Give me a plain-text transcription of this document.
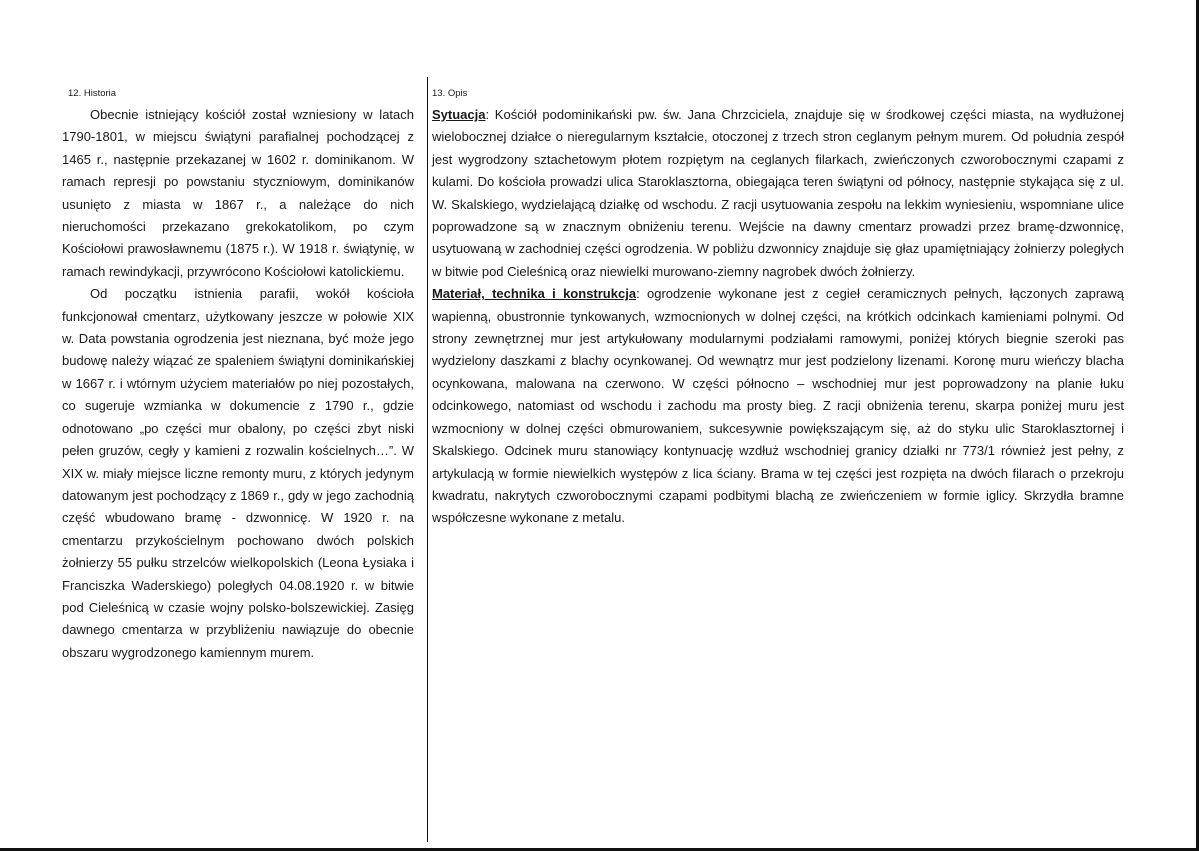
12. Historia

Obecnie istniejący kościół został wzniesiony w latach 1790-1801, w miejscu świątyni parafialnej pochodzącej z 1465 r., następnie przekazanej w 1602 r. dominikanom. W ramach represji po powstaniu styczniowym, dominikanów usunięto z miasta w 1867 r., a należące do nich nieruchomości przekazano grekokatolikom, po czym Kościołowi prawosławnemu (1875 r.). W 1918 r. świątynię, w ramach rewindykacji, przywrócono Kościołowi katolickiemu.

Od początku istnienia parafii, wokół kościoła funkcjonował cmentarz, użytkowany jeszcze w połowie XIX w. Data powstania ogrodzenia jest nieznana, być może jego budowę należy wiązać ze spaleniem świątyni dominikańskiej w 1667 r. i wtórnym użyciem materiałów po niej pozostałych, co sugeruje wzmianka w dokumencie z 1790 r., gdzie odnotowano „po części mur obalony, po części zbyt niski pełen gruzów, cegły y kamieni z rozwalin kościelnych…”. W XIX w. miały miejsce liczne remonty muru, z których jedynym datowanym jest pochodzący z 1869 r., gdy w jego zachodnią część wbudowano bramę - dzwonnicę. W 1920 r. na cmentarzu przykościelnym pochowano dwóch polskich żołnierzy 55 pułku strzelców wielkopolskich (Leona Łysiaka i Franciszka Waderskiego) poległych 04.08.1920 r. w bitwie pod Cieleśnicą w czasie wojny polsko-bolszewickiej. Zasięg dawnego cmentarza w przybliżeniu nawiązuje do obecnie obszaru wygrodzonego kamiennym murem.

13. Opis

Sytuacja: Kościół podominikański pw. św. Jana Chrzciciela, znajduje się w środkowej części miasta, na wydłużonej wielobocznej działce o nieregularnym kształcie, otoczonej z trzech stron ceglanym pełnym murem. Od południa zespół jest wygrodzony sztachetowym płotem rozpiętym na ceglanych filarkach, zwieńczonych czworobocznymi czapami z kulami. Do kościoła prowadzi ulica Staroklasztorna, obiegająca teren świątyni od północy, następnie stykająca się z ul. W. Skalskiego, wydzielającą działkę od wschodu. Z racji usytuowania zespołu na lekkim wyniesieniu, wspomniane ulice poprowadzone są w znacznym obniżeniu terenu. Wejście na dawny cmentarz prowadzi przez bramę-dzwonnicę, usytuowaną w zachodniej części ogrodzenia. W pobliżu dzwonnicy znajduje się głaz upamiętniający żołnierzy poległych w bitwie pod Cieleśnicą oraz niewielki murowano-ziemny nagrobek dwóch żołnierzy.

Materiał, technika i konstrukcja: ogrodzenie wykonane jest z cegieł ceramicznych pełnych, łączonych zaprawą wapienną, obustronnie tynkowanych, wzmocnionych w dolnej części, na krótkich odcinkach kamieniami polnymi. Od strony zewnętrznej mur jest artykułowany modularnymi podziałami ramowymi, poniżej których biegnie szeroki pas wydzielony daszkami z blachy ocynkowanej. Od wewnątrz mur jest podzielony lizenami. Koronę muru wieńczy blacha ocynkowana, malowana na czerwono. W części północno – wschodniej mur jest poprowadzony na planie łuku odcinkowego, natomiast od wschodu i zachodu ma prosty bieg. Z racji obniżenia terenu, skarpa poniżej muru jest wzmocniony w dolnej części obmurowaniem, sukcesywnie powiększającym się, aż do styku ulic Staroklasztornej i Skalskiego. Odcinek muru stanowiący kontynuację wzdłuż wschodniej granicy działki nr 773/1 również jest pełny, z artykulacją w formie niewielkich występów z lica ściany. Brama w tej części jest rozpięta na dwóch filarach o przekroju kwadratu, nakrytych czworobocznymi czapami podbitymi blachą ze zwieńczeniem w formie iglicy. Skrzydła bramne współczesne wykonane z metalu.
